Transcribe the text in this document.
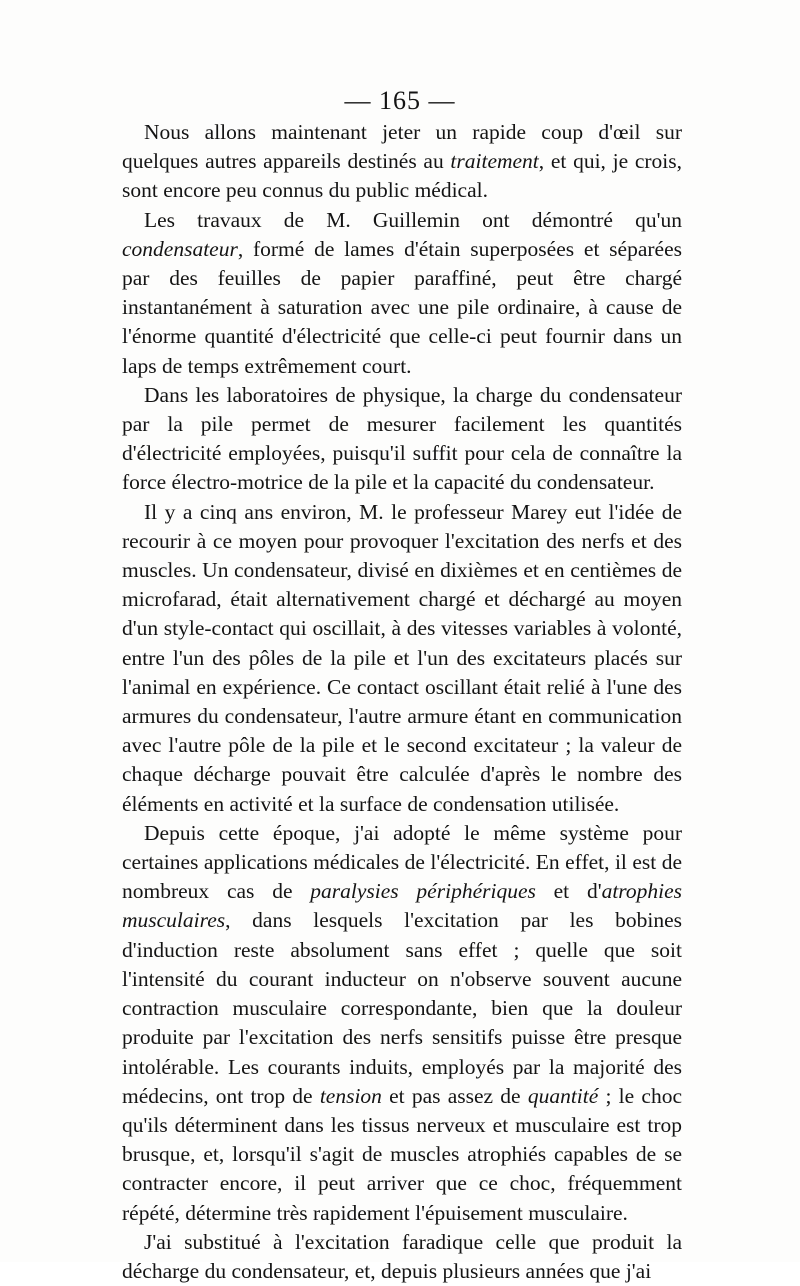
— 165 —

Nous allons maintenant jeter un rapide coup d'œil sur quelques autres appareils destinés au traitement, et qui, je crois, sont encore peu connus du public médical.

Les travaux de M. Guillemin ont démontré qu'un condensateur, formé de lames d'étain superposées et séparées par des feuilles de papier paraffiné, peut être chargé instantanément à saturation avec une pile ordinaire, à cause de l'énorme quantité d'électricité que celle-ci peut fournir dans un laps de temps extrêmement court.

Dans les laboratoires de physique, la charge du condensateur par la pile permet de mesurer facilement les quantités d'électricité employées, puisqu'il suffit pour cela de connaître la force électro-motrice de la pile et la capacité du condensateur.

Il y a cinq ans environ, M. le professeur Marey eut l'idée de recourir à ce moyen pour provoquer l'excitation des nerfs et des muscles. Un condensateur, divisé en dixièmes et en centièmes de microfarad, était alternativement chargé et déchargé au moyen d'un style-contact qui oscillait, à des vitesses variables à volonté, entre l'un des pôles de la pile et l'un des excitateurs placés sur l'animal en expérience. Ce contact oscillant était relié à l'une des armures du condensateur, l'autre armure étant en communication avec l'autre pôle de la pile et le second excitateur ; la valeur de chaque décharge pouvait être calculée d'après le nombre des éléments en activité et la surface de condensation utilisée.

Depuis cette époque, j'ai adopté le même système pour certaines applications médicales de l'électricité. En effet, il est de nombreux cas de paralysies périphériques et d'atrophies musculaires, dans lesquels l'excitation par les bobines d'induction reste absolument sans effet ; quelle que soit l'intensité du courant inducteur on n'observe souvent aucune contraction musculaire correspondante, bien que la douleur produite par l'excitation des nerfs sensitifs puisse être presque intolérable. Les courants induits, employés par la majorité des médecins, ont trop de tension et pas assez de quantité ; le choc qu'ils déterminent dans les tissus nerveux et musculaire est trop brusque, et, lorsqu'il s'agit de muscles atrophiés capables de se contracter encore, il peut arriver que ce choc, fréquemment répété, détermine très rapidement l'épuisement musculaire.

J'ai substitué à l'excitation faradique celle que produit la décharge du condensateur, et, depuis plusieurs années que j'ai
